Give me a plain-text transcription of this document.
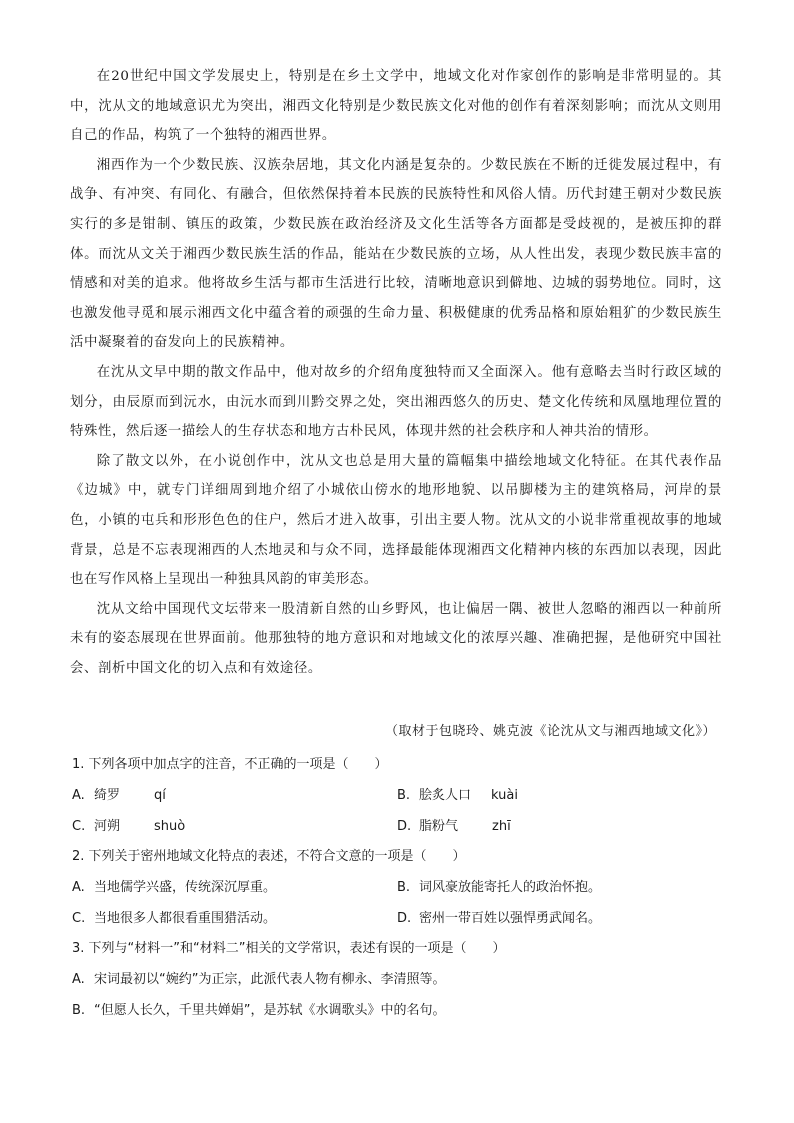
在20世纪中国文学发展史上，特别是在乡土文学中，地域文化对作家创作的影响是非常明显的。其中，沈从文的地域意识尤为突出，湘西文化特别是少数民族文化对他的创作有着深刻影响；而沈从文则用自己的作品，构筑了一个独特的湘西世界。

湘西作为一个少数民族、汉族杂居地，其文化内涵是复杂的。少数民族在不断的迁徙发展过程中，有战争、有冲突、有同化、有融合，但依然保持着本民族的民族特性和风俗人情。历代封建王朝对少数民族实行的多是钳制、镇压的政策，少数民族在政治经济及文化生活等各方面都是受歧视的，是被压抑的群体。而沈从文关于湘西少数民族生活的作品，能站在少数民族的立场，从人性出发，表现少数民族丰富的情感和对美的追求。他将故乡生活与都市生活进行比较，清晰地意识到僻地、边城的弱势地位。同时，这也激发他寻觅和展示湘西文化中蕴含着的顽强的生命力量、积极健康的优秀品格和原始粗犷的少数民族生活中凝聚着的奋发向上的民族精神。

在沈从文早中期的散文作品中，他对故乡的介绍角度独特而又全面深入。他有意略去当时行政区域的划分，由辰原而到沅水，由沅水而到川黔交界之处，突出湘西悠久的历史、楚文化传统和凤凰地理位置的特殊性，然后逐一描绘人的生存状态和地方古朴民风，体现井然的社会秩序和人神共治的情形。

除了散文以外，在小说创作中，沈从文也总是用大量的篇幅集中描绘地域文化特征。在其代表作品《边城》中，就专门详细周到地介绍了小城依山傍水的地形地貌、以吊脚楼为主的建筑格局，河岸的景色，小镇的屯兵和形形色色的住户，然后才进入故事，引出主要人物。沈从文的小说非常重视故事的地域背景，总是不忘表现湘西的人杰地灵和与众不同，选择最能体现湘西文化精神内核的东西加以表现，因此也在写作风格上呈现出一种独具风韵的审美形态。

沈从文给中国现代文坛带来一股清新自然的山乡野风，也让偏居一隅、被世人忽略的湘西以一种前所未有的姿态展现在世界面前。他那独特的地方意识和对地域文化的浓厚兴趣、准确把握，是他研究中国社会、剖析中国文化的切入点和有效途径。

（取材于包晓玲、姚克波《论沈从文与湘西地域文化》）
1. 下列各项中加点字的注音，不正确的一项是（　　）
A. 绮罗	qí	B. 脍炙人口 kuài
C. 河朔	shuò	D. 脂粉气	zhī
2. 下列关于密州地域文化特点的表述，不符合文意的一项是（　　）
A. 当地儒学兴盛，传统深沉厚重。	B. 词风豪放能寄托人的政治怀抱。
C. 当地很多人都很看重围猎活动。	D. 密州一带百姓以强悍勇武闻名。
3. 下列与“材料一”和“材料二”相关的文学常识，表述有误的一项是（　　）
A. 宋词最初以“婉约”为正宗，此派代表人物有柳永、李清照等。
B. “但愿人长久，千里共婵娟”，是苏轼《水调歌头》中的名句。
